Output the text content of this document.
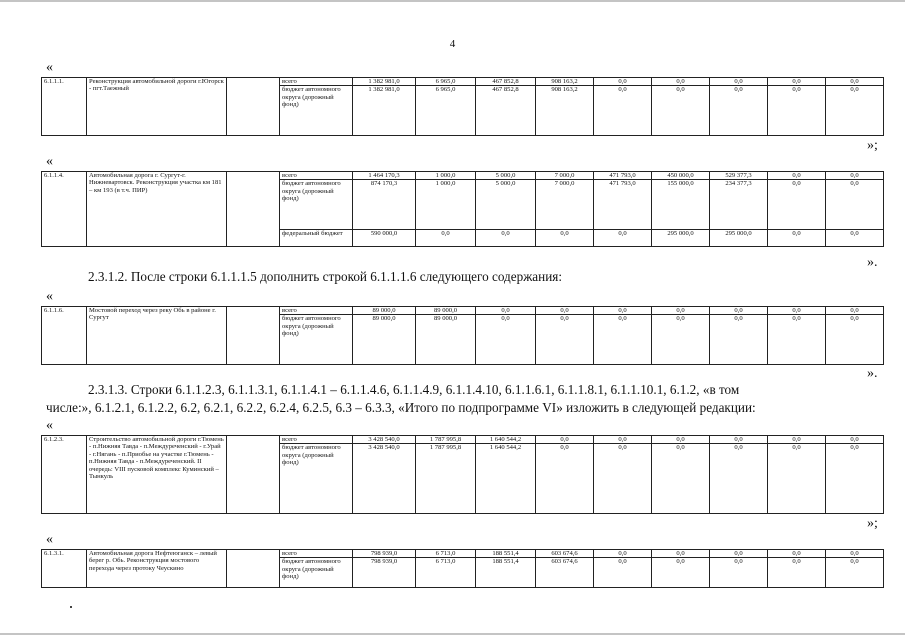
4
«
6.1.1.1.	Реконструкция автомобильной дороги г.Югорск - пгт.Таежный		всего	1 382 981,0	6 965,0	467 852,8	908 163,2	0,0	0,0	0,0	0,0	0,0
			бюджет автономного округа (дорожный фонд)	1 382 981,0	6 965,0	467 852,8	908 163,2	0,0	0,0	0,0	0,0	0,0
»;
«
6.1.1.4.	Автомобильная дорога г. Сургут-г. Нижневартовск. Реконструкция участка км 181 – км 193 (в т.ч. ПИР)		всего	1 464 170,3	1 000,0	5 000,0	7 000,0	471 793,0	450 000,0	529 377,3	0,0	0,0
			бюджет автономного округа (дорожный фонд)	874 170,3	1 000,0	5 000,0	7 000,0	471 793,0	155 000,0	234 377,3	0,0	0,0
			федеральный бюджет	590 000,0	0,0	0,0	0,0	0,0	295 000,0	295 000,0	0,0	0,0
».
2.3.1.2. После строки 6.1.1.1.5 дополнить строкой 6.1.1.1.6 следующего содержания:
«
6.1.1.6.	Мостовой переход через реку Обь в районе г. Сургут		всего	89 000,0	89 000,0	0,0	0,0	0,0	0,0	0,0	0,0	0,0
			бюджет автономного округа (дорожный фонд)	89 000,0	89 000,0	0,0	0,0	0,0	0,0	0,0	0,0	0,0
».
2.3.1.3. Строки 6.1.1.2.3, 6.1.1.3.1, 6.1.1.4.1 – 6.1.1.4.6, 6.1.1.4.9, 6.1.1.4.10, 6.1.1.6.1, 6.1.1.8.1, 6.1.1.10.1, 6.1.2, «в том
числе:», 6.1.2.1, 6.1.2.2, 6.2, 6.2.1, 6.2.2, 6.2.4, 6.2.5, 6.3 – 6.3.3, «Итого по подпрограмме VI» изложить в следующей редакции:
«
6.1.2.3.	Строительство автомобильной дороги г.Тюмень - п.Нижняя Тавда - п.Междуреченский - г.Урай - г.Нягань - п.Приобье на участке г.Тюмень - п.Нижняя Тавда - п.Междуреченский. II очередь: VIII пусковой комплекс Куминский – Тынкуль		всего	3 428 540,0	1 787 995,8	1 640 544,2	0,0	0,0	0,0	0,0	0,0	0,0
			бюджет автономного округа (дорожный фонд)	3 428 540,0	1 787 995,8	1 640 544,2	0,0	0,0	0,0	0,0	0,0	0,0
»;
«
6.1.3.1.	Автомобильная дорога Нефтеюганск – левый берег р. Обь. Реконструкция мостового перехода через протоку Чеускино		всего	798 939,0	6 713,0	188 551,4	603 674,6	0,0	0,0	0,0	0,0	0,0
			бюджет автономного округа (дорожный фонд)	798 939,0	6 713,0	188 551,4	603 674,6	0,0	0,0	0,0	0,0	0,0
